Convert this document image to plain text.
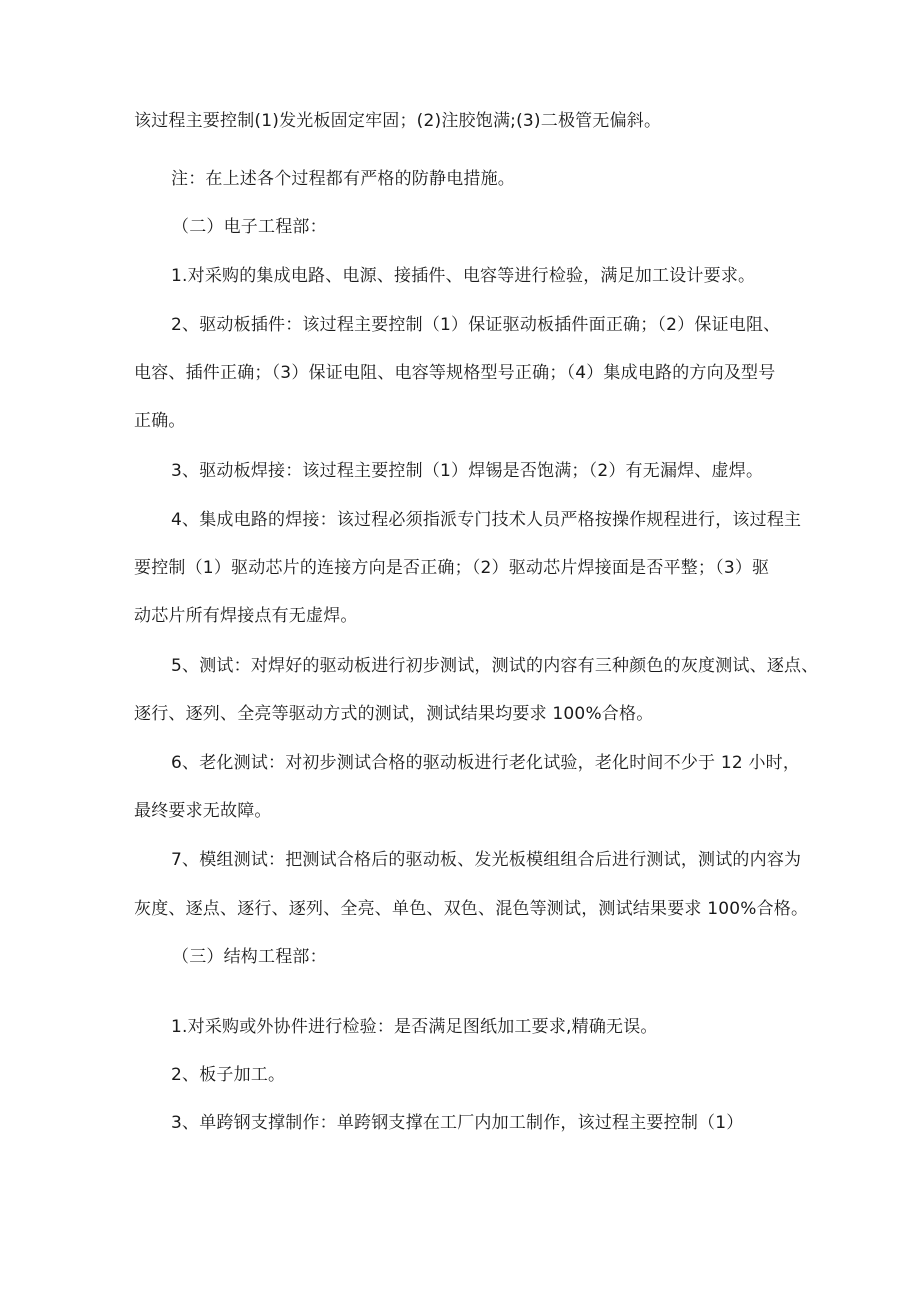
该过程主要控制(1)发光板固定牢固；(2)注胶饱满;(3)二极管无偏斜。

注：在上述各个过程都有严格的防静电措施。

（二）电子工程部：

1.对采购的集成电路、电源、接插件、电容等进行检验，满足加工设计要求。

2、驱动板插件：该过程主要控制（1）保证驱动板插件面正确；（2）保证电阻、

电容、插件正确；（3）保证电阻、电容等规格型号正确；（4）集成电路的方向及型号

正确。

3、驱动板焊接：该过程主要控制（1）焊锡是否饱满；（2）有无漏焊、虚焊。

4、集成电路的焊接：该过程必须指派专门技术人员严格按操作规程进行，该过程主

要控制（1）驱动芯片的连接方向是否正确；（2）驱动芯片焊接面是否平整；（3）驱

动芯片所有焊接点有无虚焊。

5、测试：对焊好的驱动板进行初步测试，测试的内容有三种颜色的灰度测试、逐点、

逐行、逐列、全亮等驱动方式的测试，测试结果均要求 100%合格。

6、老化测试：对初步测试合格的驱动板进行老化试验，老化时间不少于 12 小时，

最终要求无故障。

7、模组测试：把测试合格后的驱动板、发光板模组组合后进行测试，测试的内容为

灰度、逐点、逐行、逐列、全亮、单色、双色、混色等测试，测试结果要求 100%合格。

（三）结构工程部：

1.对采购或外协件进行检验：是否满足图纸加工要求,精确无误。

2、板子加工。

3、单跨钢支撑制作：单跨钢支撑在工厂内加工制作，该过程主要控制（1）
